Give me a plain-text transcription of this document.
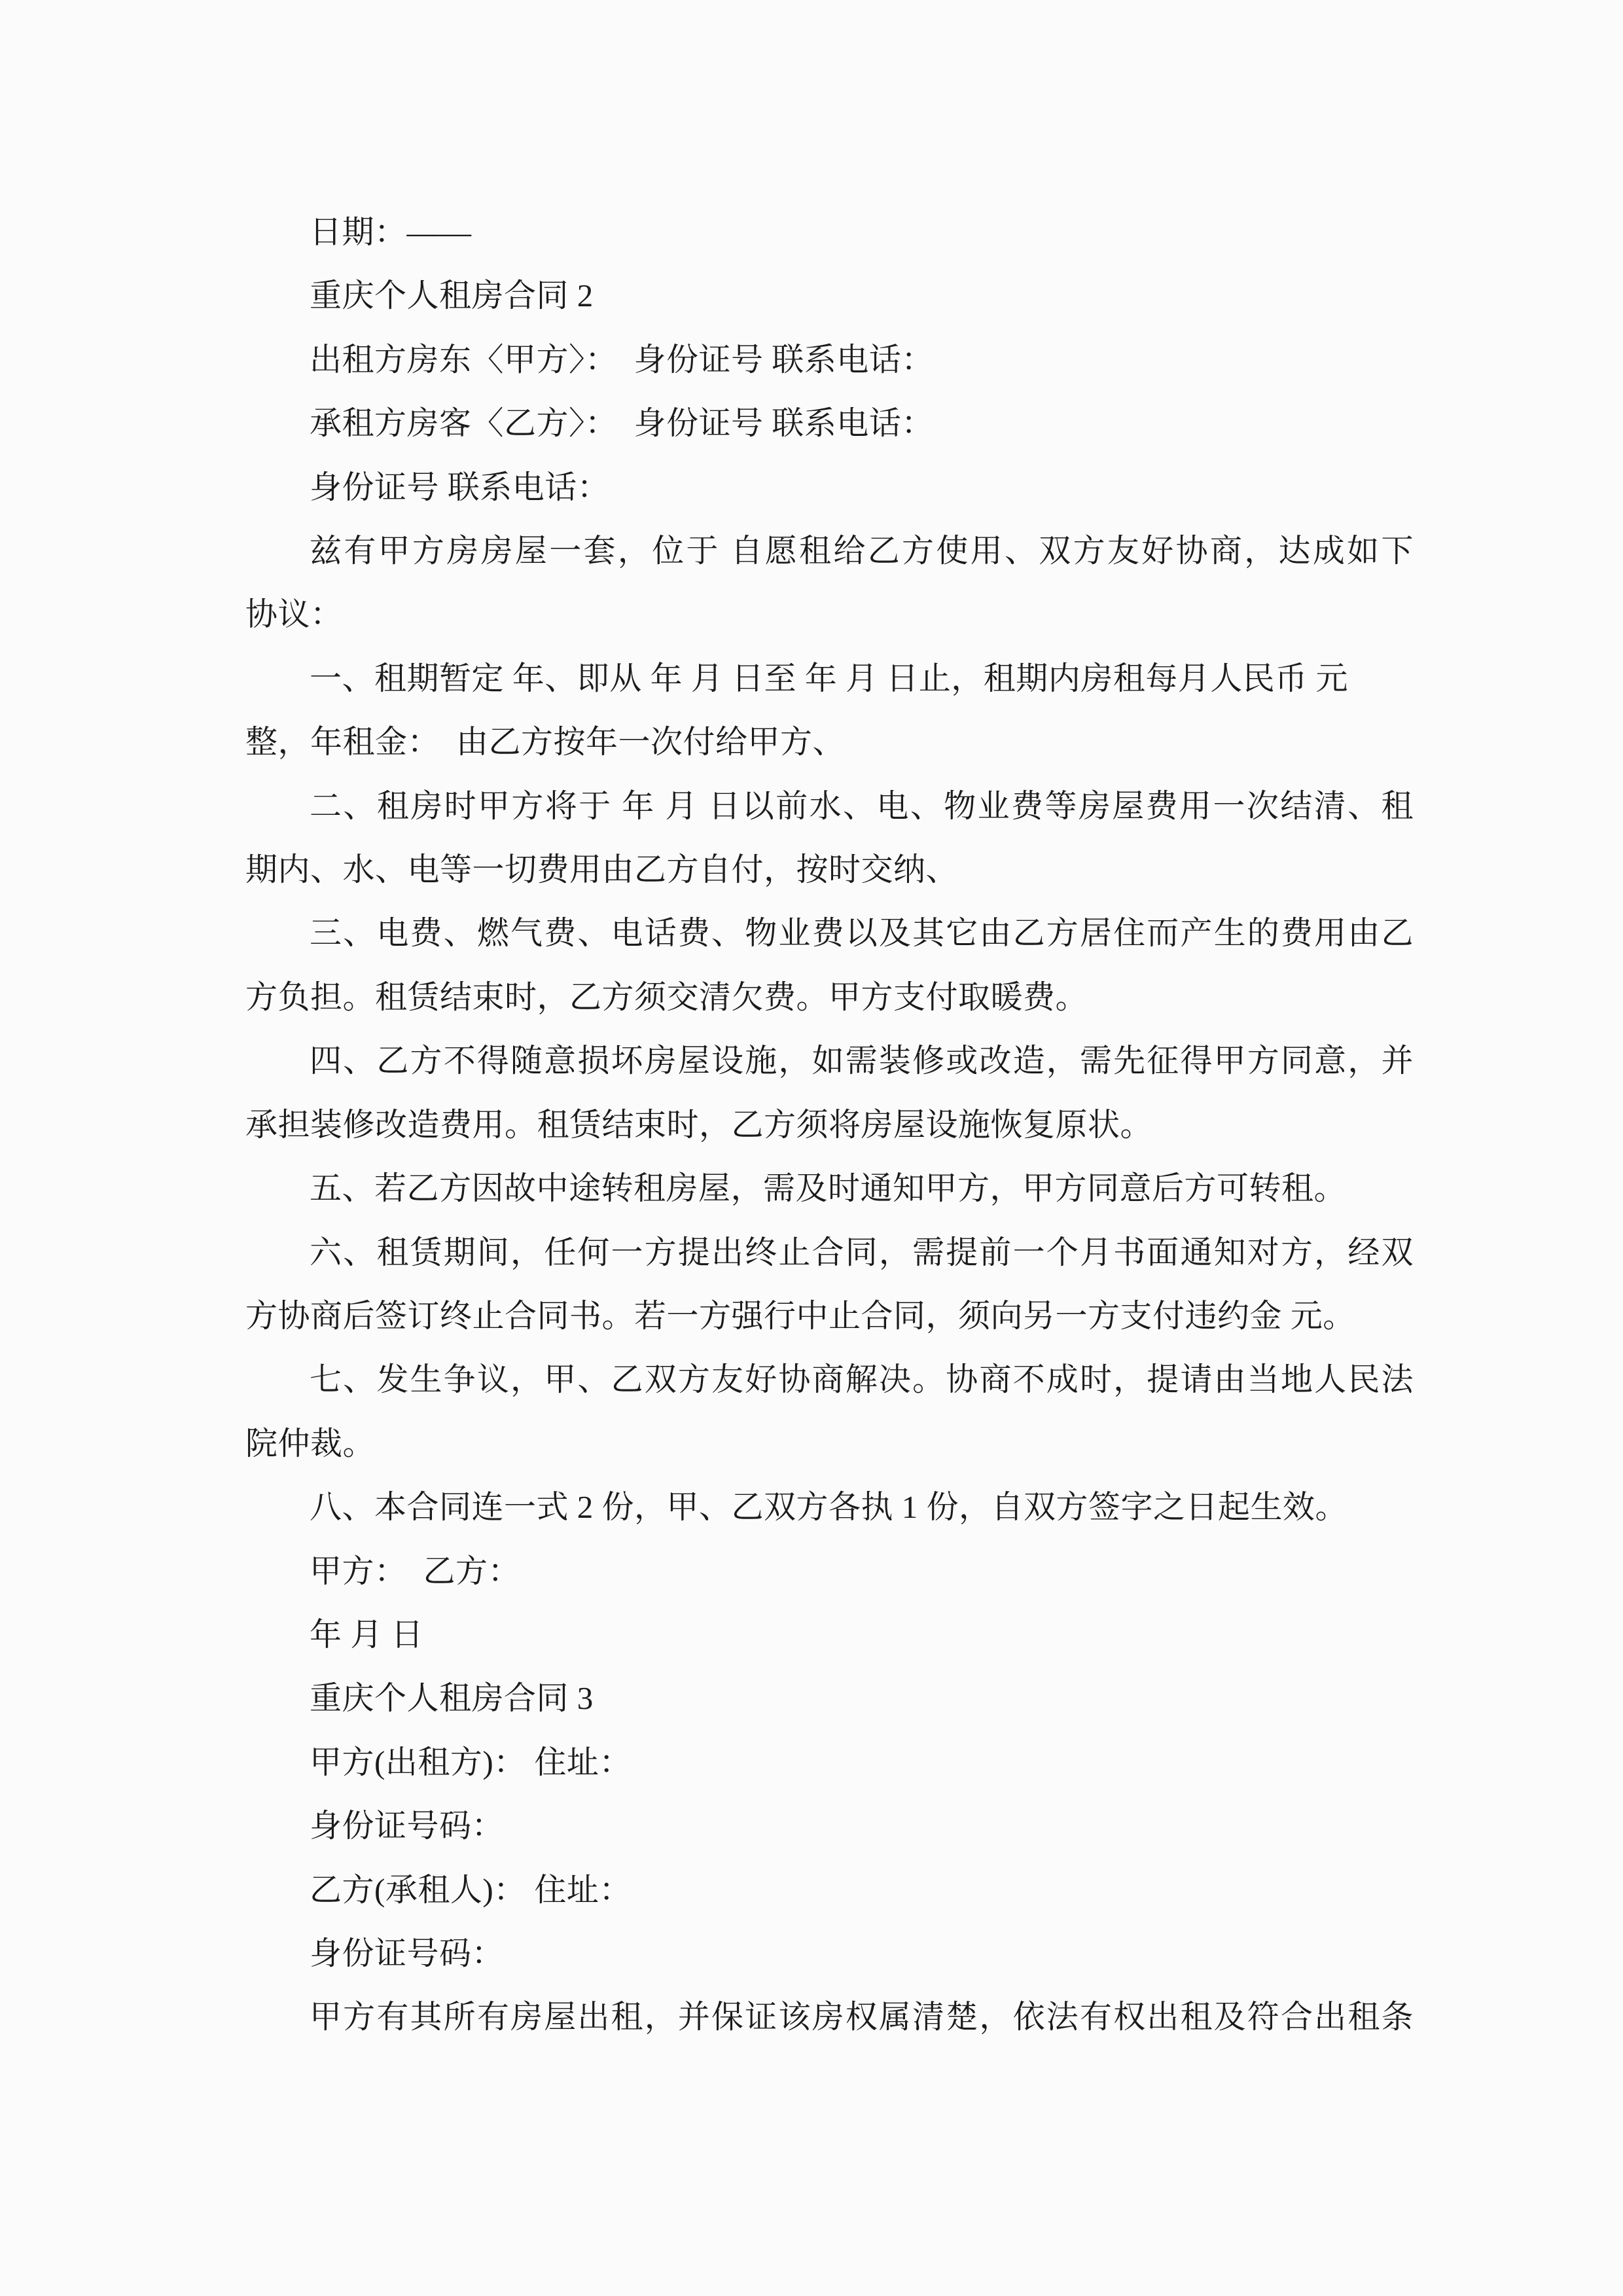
日期：——

重庆个人租房合同 2

出租方房东〈甲方〉：　身份证号 联系电话：

承租方房客〈乙方〉：　身份证号 联系电话：

身份证号 联系电话：

兹有甲方房房屋一套，位于 自愿租给乙方使用、双方友好协商，达成如下

协议：

一、租期暂定 年、即从 年 月 日至 年 月 日止，租期内房租每月人民币 元

整，年租金：　由乙方按年一次付给甲方、

二、租房时甲方将于 年 月 日以前水、电、物业费等房屋费用一次结清、租

期内、水、电等一切费用由乙方自付，按时交纳、

三、电费、燃气费、电话费、物业费以及其它由乙方居住而产生的费用由乙

方负担。租赁结束时，乙方须交清欠费。甲方支付取暖费。

四、乙方不得随意损坏房屋设施，如需装修或改造，需先征得甲方同意，并

承担装修改造费用。租赁结束时，乙方须将房屋设施恢复原状。

五、若乙方因故中途转租房屋，需及时通知甲方，甲方同意后方可转租。

六、租赁期间，任何一方提出终止合同，需提前一个月书面通知对方，经双

方协商后签订终止合同书。若一方强行中止合同，须向另一方支付违约金 元。

七、发生争议，甲、乙双方友好协商解决。协商不成时，提请由当地人民法

院仲裁。

八、本合同连一式 2 份，甲、乙双方各执 1 份，自双方签字之日起生效。

甲方：　乙方：

年 月 日

重庆个人租房合同 3

甲方(出租方)： 住址：

身份证号码：

乙方(承租人)： 住址：

身份证号码：

甲方有其所有房屋出租，并保证该房权属清楚，依法有权出租及符合出租条
